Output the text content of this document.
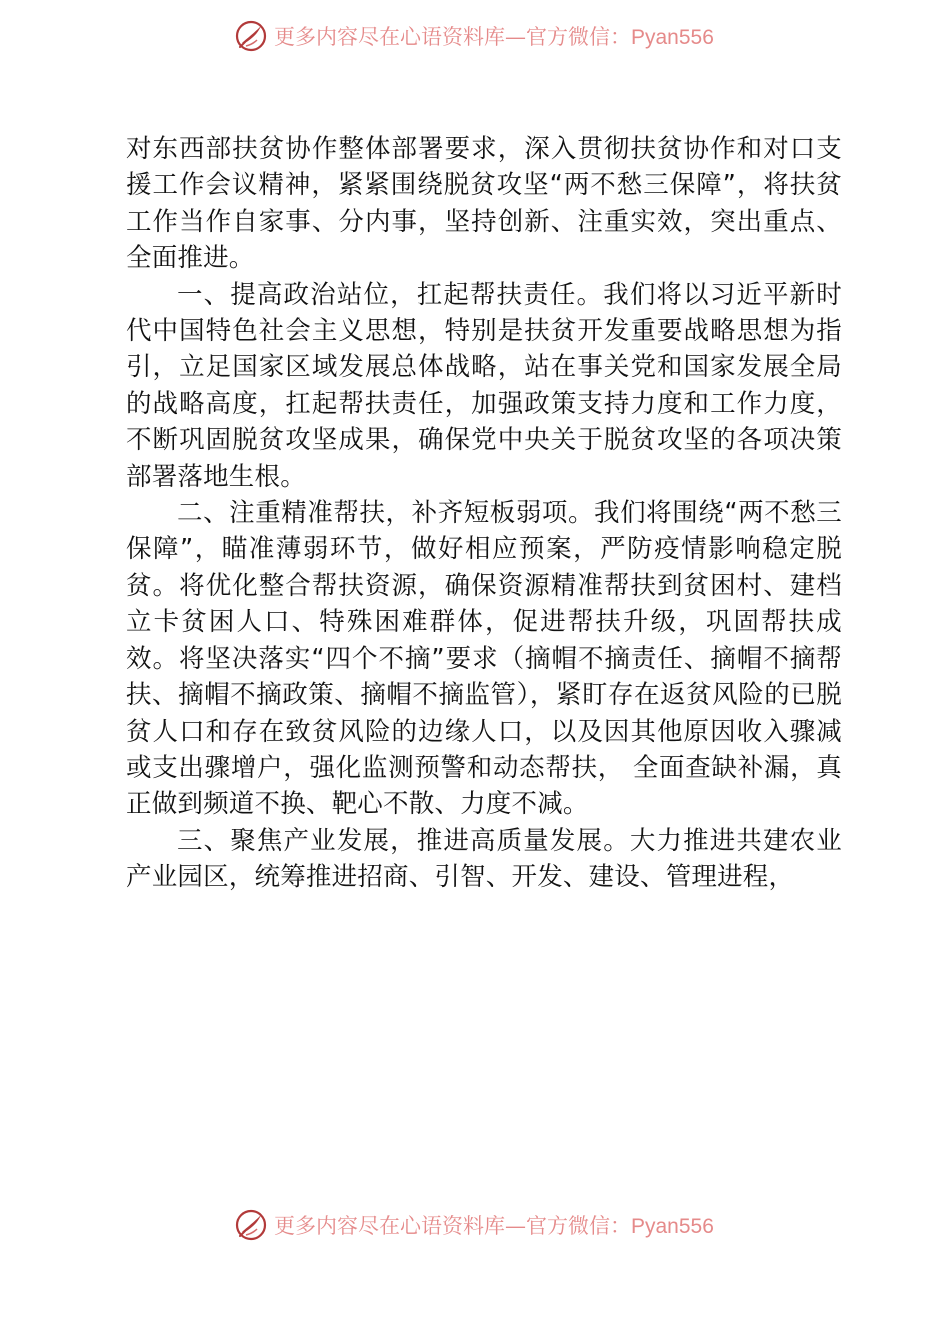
更多内容尽在心语资料库—官方微信：Pyan556

对东西部扶贫协作整体部署要求，深入贯彻扶贫协作和对口支援工作会议精神，紧紧围绕脱贫攻坚“两不愁三保障”，将扶贫工作当作自家事、分内事，坚持创新、注重实效，突出重点、全面推进。

一、提高政治站位，扛起帮扶责任。我们将以习近平新时代中国特色社会主义思想，特别是扶贫开发重要战略思想为指引，立足国家区域发展总体战略，站在事关党和国家发展全局的战略高度，扛起帮扶责任，加强政策支持力度和工作力度，不断巩固脱贫攻坚成果，确保党中央关于脱贫攻坚的各项决策部署落地生根。

二、注重精准帮扶，补齐短板弱项。我们将围绕“两不愁三保障”，瞄准薄弱环节，做好相应预案，严防疫情影响稳定脱贫。将优化整合帮扶资源，确保资源精准帮扶到贫困村、建档立卡贫困人口、特殊困难群体，促进帮扶升级，巩固帮扶成效。将坚决落实“四个不摘”要求（摘帽不摘责任、摘帽不摘帮扶、摘帽不摘政策、摘帽不摘监管），紧盯存在返贫风险的已脱贫人口和存在致贫风险的边缘人口，以及因其他原因收入骤减或支出骤增户，强化监测预警和动态帮扶， 全面查缺补漏，真正做到频道不换、靶心不散、力度不减。

三、聚焦产业发展，推进高质量发展。大力推进共建农业产业园区，统筹推进招商、引智、开发、建设、管理进程，

更多内容尽在心语资料库—官方微信：Pyan556
